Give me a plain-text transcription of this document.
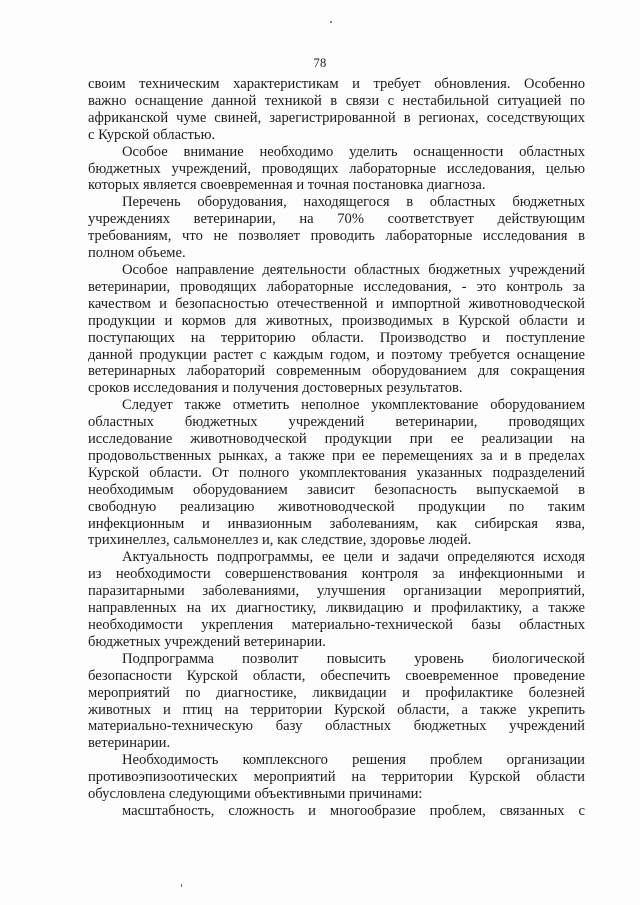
78

своим техническим характеристикам и требует обновления. Особенно
важно оснащение данной техникой в связи с нестабильной ситуацией по
африканской чуме свиней, зарегистрированной в регионах, соседствующих
с Курской областью.

Особое внимание необходимо уделить оснащенности областных
бюджетных учреждений, проводящих лабораторные исследования, целью
которых является своевременная и точная постановка диагноза.

Перечень оборудования, находящегося в областных бюджетных
учреждениях ветеринарии, на 70% соответствует действующим
требованиям, что не позволяет проводить лабораторные исследования в
полном объеме.

Особое направление деятельности областных бюджетных учреждений
ветеринарии, проводящих лабораторные исследования, - это контроль за
качеством и безопасностью отечественной и импортной животноводческой
продукции и кормов для животных, производимых в Курской области и
поступающих на территорию области. Производство и поступление
данной продукции растет с каждым годом, и поэтому требуется оснащение
ветеринарных лабораторий современным оборудованием для сокращения
сроков исследования и получения достоверных результатов.

Следует также отметить неполное укомплектование оборудованием
областных бюджетных учреждений ветеринарии, проводящих
исследование животноводческой продукции при ее реализации на
продовольственных рынках, а также при ее перемещениях за и в пределах
Курской области. От полного укомплектования указанных подразделений
необходимым оборудованием зависит безопасность выпускаемой в
свободную реализацию животноводческой продукции по таким
инфекционным и инвазионным заболеваниям, как сибирская язва,
трихинеллез, сальмонеллез и, как следствие, здоровье людей.

Актуальность подпрограммы, ее цели и задачи определяются исходя
из необходимости совершенствования контроля за инфекционными и
паразитарными заболеваниями, улучшения организации мероприятий,
направленных на их диагностику, ликвидацию и профилактику, а также
необходимости укрепления материально-технической базы областных
бюджетных учреждений ветеринарии.

Подпрограмма позволит повысить уровень биологической
безопасности Курской области, обеспечить своевременное проведение
мероприятий по диагностике, ликвидации и профилактике болезней
животных и птиц на территории Курской области, а также укрепить
материально-техническую базу областных бюджетных учреждений
ветеринарии.

Необходимость комплексного решения проблем организации
противоэпизоотических мероприятий на территории Курской области
обусловлена следующими объективными причинами:

масштабность, сложность и многообразие проблем, связанных с
